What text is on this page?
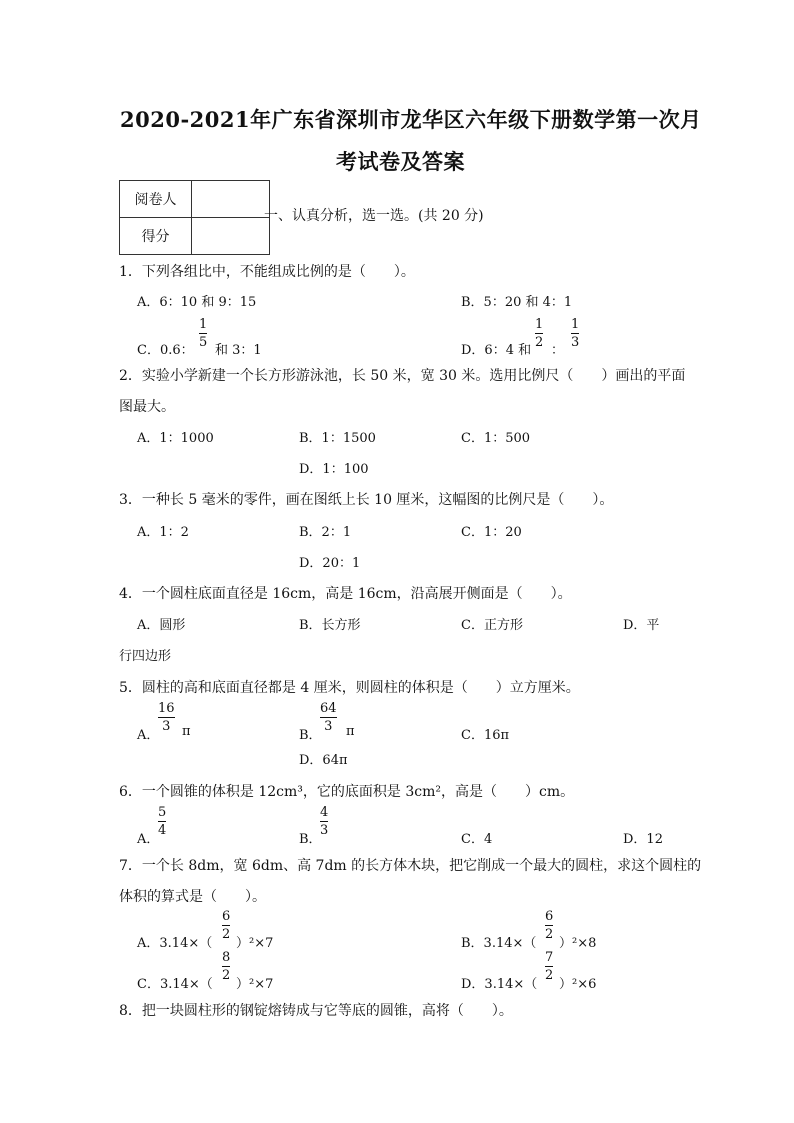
2020-2021年广东省深圳市龙华区六年级下册数学第一次月
考试卷及答案
阅卷人	
得分	
一、认真分析，选一选。(共 20 分)
1．下列各组比中，不能组成比例的是（　　）。
A．6：10 和 9：15	B．5：20 和 4：1
C．0.6：
1
5
和 3：1	D．6：4 和
1
2
：
1
3
2．实验小学新建一个长方形游泳池，长 50 米，宽 30 米。选用比例尺（　　）画出的平面
图最大。
A．1：1000	B．1：1500	C．1：500
D．1：100
3．一种长 5 毫米的零件，画在图纸上长 10 厘米，这幅图的比例尺是（　　）。
A．1：2	B．2：1	C．1：20
D．20：1
4．一个圆柱底面直径是 16cm，高是 16cm，沿高展开侧面是（　　）。
A．圆形	B．长方形	C．正方形	D．平
行四边形
5．圆柱的高和底面直径都是 4 厘米，则圆柱的体积是（　　）立方厘米。
A．
16
3 π	B．
64
3	π	C．16π
D．64π
6．一个圆锥的体积是 12cm³，它的底面积是 3cm²，高是（　　）cm。
A．
5
4
B．
4
3
C．4	D．12
7．一个长 8dm，宽 6dm、高 7dm 的长方体木块，把它削成一个最大的圆柱，求这个圆柱的
体积的算式是（　　）。
A．3.14×（
6
2
）²×7	B．3.14×（
6
2
）²×8
C．3.14×（
8
2
）²×7	D．3.14×（
7
2
）²×6
8．把一块圆柱形的钢锭熔铸成与它等底的圆锥，高将（　　）。
